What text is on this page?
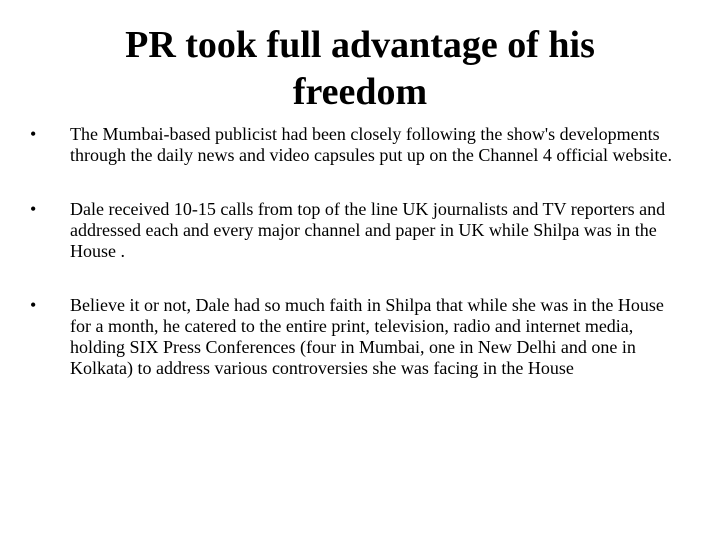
PR took full advantage of his freedom
•	The Mumbai-based publicist had been closely following the show's developments through the daily news and video capsules put up on the Channel 4 official website.
•	Dale received 10-15 calls from top of the line UK journalists and TV reporters and addressed each and every major channel and paper in UK while Shilpa was in the House .
•	Believe it or not, Dale had so much faith in Shilpa that while she was in the House for a month, he catered to the entire print, television, radio and internet media, holding SIX Press Conferences (four in Mumbai, one in New Delhi and one in Kolkata) to address various controversies she was facing in the House
